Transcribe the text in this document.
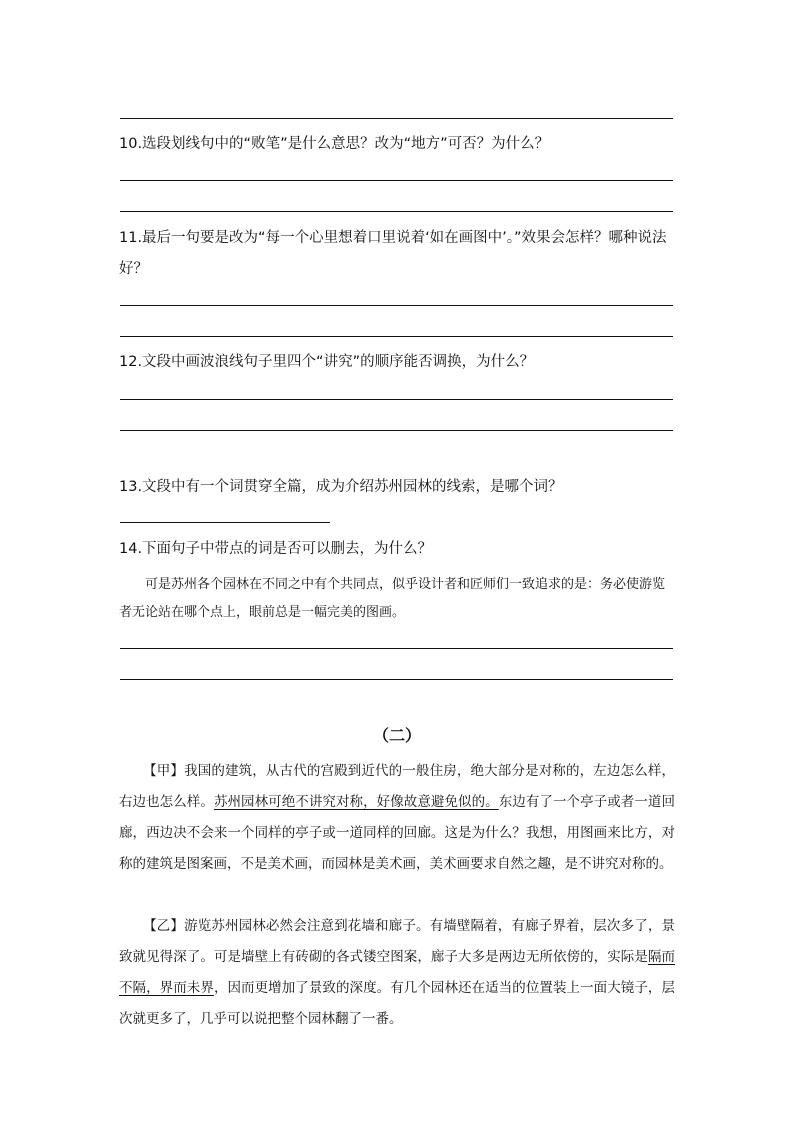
10.选段划线句中的“败笔”是什么意思？改为“地方”可否？为什么？
11.最后一句要是改为“每一个心里想着口里说着‘如在画图中’。”效果会怎样？哪种说法
好？
12.文段中画波浪线句子里四个“讲究”的顺序能否调换，为什么？
13.文段中有一个词贯穿全篇，成为介绍苏州园林的线索，是哪个词？
14.下面句子中带点的词是否可以删去，为什么？
可是苏州各个园林在不同之中有个共同点，似乎设计者和匠师们一致追求的是：务必使游览者无论站在哪个点上，眼前总是一幅完美的图画。
（二）
【甲】我国的建筑，从古代的宫殿到近代的一般住房，绝大部分是对称的，左边怎么样，右边也怎么样。苏州园林可绝不讲究对称，好像故意避免似的。东边有了一个亭子或者一道回廊，西边决不会来一个同样的亭子或一道同样的回廊。这是为什么？我想，用图画来比方，对称的建筑是图案画，不是美术画，而园林是美术画，美术画要求自然之趣，是不讲究对称的。
【乙】游览苏州园林必然会注意到花墙和廊子。有墙壁隔着，有廊子界着，层次多了，景致就见得深了。可是墙壁上有砖砌的各式镂空图案，廊子大多是两边无所依傍的，实际是隔而不隔，界而未界，因而更增加了景致的深度。有几个园林还在适当的位置装上一面大镜子，层次就更多了，几乎可以说把整个园林翻了一番。
